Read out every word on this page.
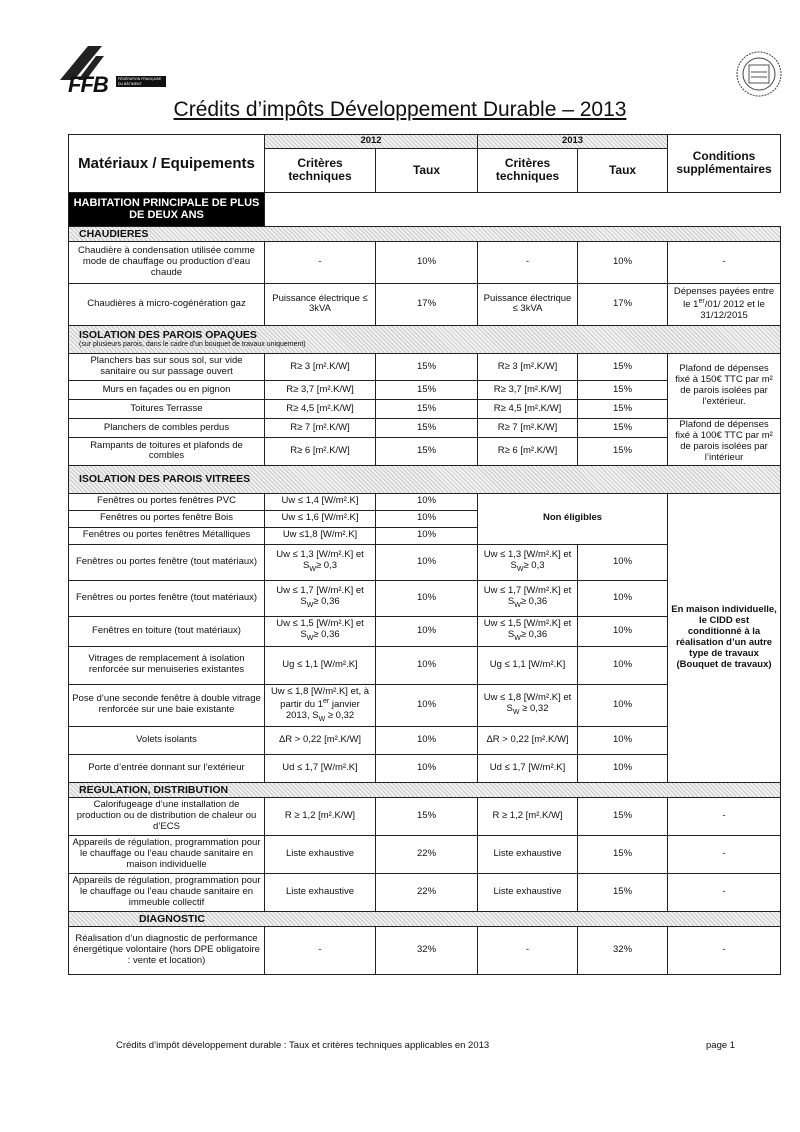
FFB	FÉDÉRATION FRANÇAISE DU BÂTIMENT
Crédits d’impôts Développement Durable – 2013
Matériaux / Equipements	2012		2013		Conditions supplémentaires
	Critères techniques	Taux	Critères techniques	Taux	
HABITATION PRINCIPALE DE PLUS DE DEUX ANS					
CHAUDIERES					
Chaudière à condensation utilisée comme mode de chauffage ou production d’eau chaude	-	10%	-	10%	-
Chaudières à micro-cogénération gaz	Puissance électrique ≤ 3kVA	17%	Puissance électrique ≤ 3kVA	17%	Dépenses payées entre le 1er/01/ 2012 et le 31/12/2015

ISOLATION DES PAROIS OPAQUES
(sur plusieurs parois, dans le cadre d'un bouquet de travaux uniquement)					

Planchers bas sur sous sol, sur vide sanitaire ou sur passage ouvert	R≥ 3 [m².K/W]	15%	R≥ 3 [m².K/W]	15%	Plafond de dépenses fixé à 150€ TTC par m² de parois isolées par l’extérieur.
Murs en façades ou en pignon	R≥ 3,7 [m².K/W]	15%	R≥ 3,7 [m².K/W]	15%	
Toitures Terrasse	R≥ 4,5 [m².K/W]	15%	R≥ 4,5 [m².K/W]	15%	
Planchers de combles perdus	R≥ 7 [m².K/W]	15%	R≥ 7 [m².K/W]	15%	Plafond de dépenses fixé à 100€ TTC par m² de parois isolées par l’intérieur
Rampants de toitures et plafonds de combles	R≥ 6 [m².K/W]	15%	R≥ 6 [m².K/W]	15%	
ISOLATION DES PAROIS VITREES					
Fenêtres ou portes fenêtres PVC	Uw ≤ 1,4 [W/m².K]	10%	Non éligibles		En maison individuelle, le CIDD est conditionné à la réalisation d’un autre type de travaux (Bouquet de travaux)
Fenêtres ou portes fenêtre Bois	Uw ≤ 1,6 [W/m².K]	10%			
Fenêtres ou portes fenêtres Métalliques	Uw ≤1,8 [W/m².K]	10%			
Fenêtres ou portes fenêtre (tout matériaux)	Uw ≤ 1,3 [W/m².K] et $S_W\ge 0,3$	10%	Uw ≤ 1,3 [W/m².K] et $S_W\ge 0,3$	10%	
Fenêtres ou portes fenêtre (tout matériaux)	Uw ≤ 1,7 [W/m².K] et $S_W\ge 0,36$	10%	Uw ≤ 1,7 [W/m².K] et $S_W\ge 0,36$	10%	
Fenêtres en toiture (tout matériaux)	Uw ≤ 1,5 [W/m².K] et $S_W\ge 0,36$	10%	Uw ≤ 1,5 [W/m².K] et $S_W\ge 0,36$	10%	
Vitrages de remplacement à isolation renforcée sur menuiseries existantes	Ug ≤ 1,1 [W/m².K]	10%	Ug ≤ 1,1 [W/m².K]	10%	
Pose d’une seconde fenêtre à double vitrage renforcée sur une baie existante	Uw ≤ 1,8 [W/m².K] et, à partir du 1er janvier 2013, $S_W \ge 0,32$	10%	Uw ≤ 1,8 [W/m².K] et $S_W \ge 0,32$	10%	
Volets isolants	ΔR > 0,22 [m².K/W]	10%	ΔR > 0,22 [m².K/W]	10%	
Porte d’entrée donnant sur l’extérieur	Ud ≤ 1,7 [W/m².K]	10%	Ud ≤ 1,7 [W/m².K]	10%	
REGULATION, DISTRIBUTION					
Calorifugeage d’une installation de production ou de distribution de chaleur ou d’ECS	R ≥ 1,2 [m².K/W]	15%	R ≥ 1,2 [m².K/W]	15%	-
Appareils de régulation, programmation pour le chauffage ou l’eau chaude sanitaire en maison individuelle	Liste exhaustive	22%	Liste exhaustive	15%	-
Appareils de régulation, programmation pour le chauffage ou l’eau chaude sanitaire en immeuble collectif	Liste exhaustive	22%	Liste exhaustive	15%	-
DIAGNOSTIC					
Réalisation d’un diagnostic de performance énergétique volontaire (hors DPE obligatoire : vente et location)	-	32%	-	32%	-
Crédits d’impôt développement durable : Taux et critères techniques applicables en 2013	page 1
